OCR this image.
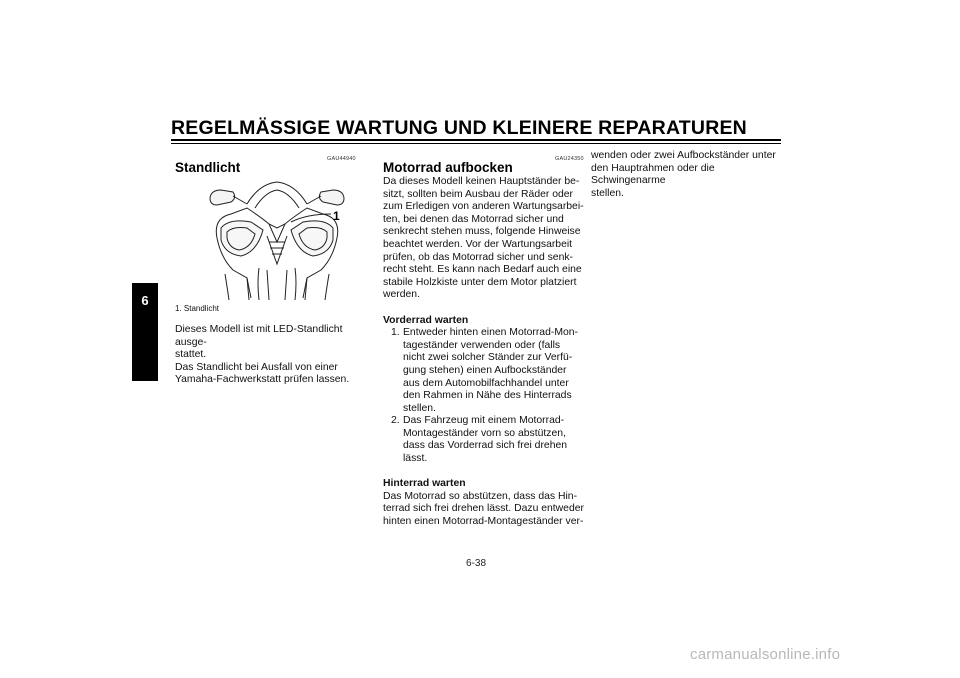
REGELMÄSSIGE WARTUNG UND KLEINERE REPARATUREN
6
GAU44940
Standlicht
1
1. Standlicht

Dieses Modell ist mit LED-Standlicht ausge-

stattet.

Das Standlicht bei Ausfall von einer

Yamaha-Fachwerkstatt prüfen lassen.

GAU24350
Motorrad aufbocken

Da dieses Modell keinen Hauptständer be-

sitzt, sollten beim Ausbau der Räder oder

zum Erledigen von anderen Wartungsarbei-

ten, bei denen das Motorrad sicher und

senkrecht stehen muss, folgende Hinweise

beachtet werden. Vor der Wartungsarbeit

prüfen, ob das Motorrad sicher und senk-

recht steht. Es kann nach Bedarf auch eine

stabile Holzkiste unter dem Motor platziert

werden.

Vorderrad warten

1. Entweder hinten einen Motorrad-Mon-
tageständer verwenden oder (falls
nicht zwei solcher Ständer zur Verfü-
gung stehen) einen Aufbockständer
aus dem Automobilfachhandel unter
den Rahmen in Nähe des Hinterrads
stellen.
2. Das Fahrzeug mit einem Motorrad-
Montageständer vorn so abstützen,
dass das Vorderrad sich frei drehen
lässt.

Hinterrad warten

Das Motorrad so abstützen, dass das Hin-

terrad sich frei drehen lässt. Dazu entweder

hinten einen Motorrad-Montageständer ver-

wenden oder zwei Aufbockständer unter

den Hauptrahmen oder die Schwingenarme

stellen.

6-38
carmanualsonline.info
